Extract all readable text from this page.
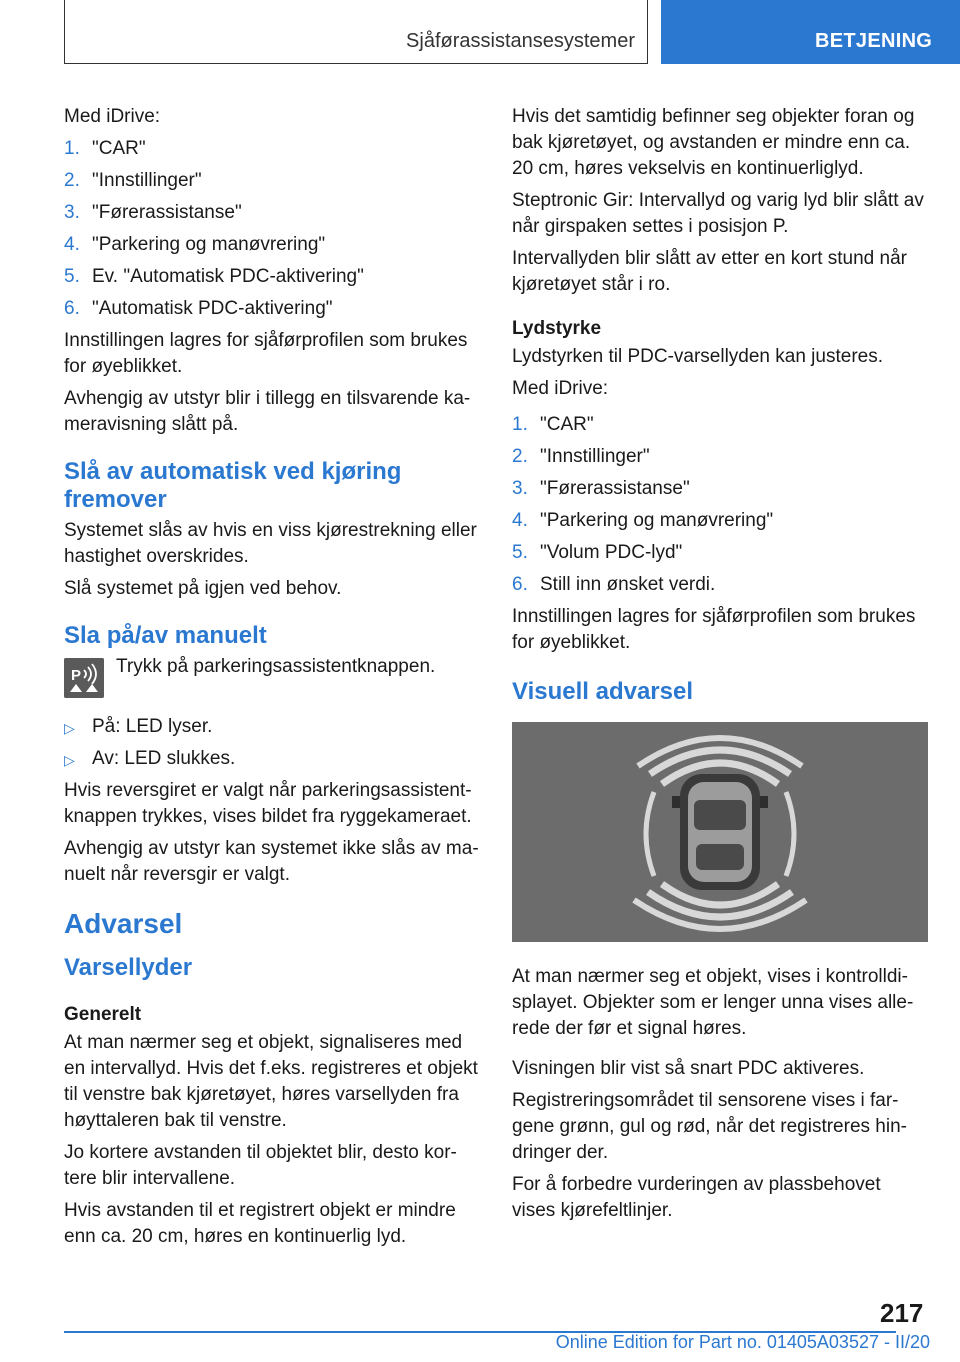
Sjåførassistansesystemer	BETJENING

Med iDrive:

1. "CAR"
2. "Innstillinger"
3. "Førerassistanse"
4. "Parkering og manøvrering"
5. Ev. "Automatisk PDC-aktivering"
6. "Automatisk PDC-aktivering"

Innstillingen lagres for sjåførprofilen som brukes for øyeblikket.

Avhengig av utstyr blir i tillegg en tilsvarende kameravisning slått på.

Slå av automatisk ved kjøring fremover

Systemet slås av hvis en viss kjørestrekning eller hastighet overskrides.

Slå systemet på igjen ved behov.

Sla på/av manuelt
P Trykk på parkeringsassistentknappen.
▷ På: LED lyser.
▷ Av: LED slukkes.

Hvis reversgiret er valgt når parkeringsassistentknappen trykkes, vises bildet fra ryggekameraet.

Avhengig av utstyr kan systemet ikke slås av manuelt når reversgir er valgt.

Advarsel
Varsellyder
Generelt

At man nærmer seg et objekt, signaliseres med en intervallyd. Hvis det f.eks. registreres et objekt til venstre bak kjøretøyet, høres varsellyden fra høyttaleren bak til venstre.

Jo kortere avstanden til objektet blir, desto kortere blir intervallene.

Hvis avstanden til et registrert objekt er mindre enn ca. 20 cm, høres en kontinuerlig lyd.

Hvis det samtidig befinner seg objekter foran og bak kjøretøyet, og avstanden er mindre enn ca. 20 cm, høres vekselvis en kontinuerliglyd.

Steptronic Gir: Intervallyd og varig lyd blir slått av når girspaken settes i posisjon P.

Intervallyden blir slått av etter en kort stund når kjøretøyet står i ro.

Lydstyrke

Lydstyrken til PDC-varsellyden kan justeres.

Med iDrive:

1. "CAR"
2. "Innstillinger"
3. "Førerassistanse"
4. "Parkering og manøvrering"
5. "Volum PDC-lyd"
6. Still inn ønsket verdi.

Innstillingen lagres for sjåførprofilen som brukes for øyeblikket.

Visuell advarsel

At man nærmer seg et objekt, vises i kontrolldisplayet. Objekter som er lenger unna vises allerede der før et signal høres.

Visningen blir vist så snart PDC aktiveres.

Registreringsområdet til sensorene vises i fargene grønn, gul og rød, når det registreres hindringer der.

For å forbedre vurderingen av plassbehovet vises kjørefeltlinjer.

217
Online Edition for Part no. 01405A03527 - II/20
